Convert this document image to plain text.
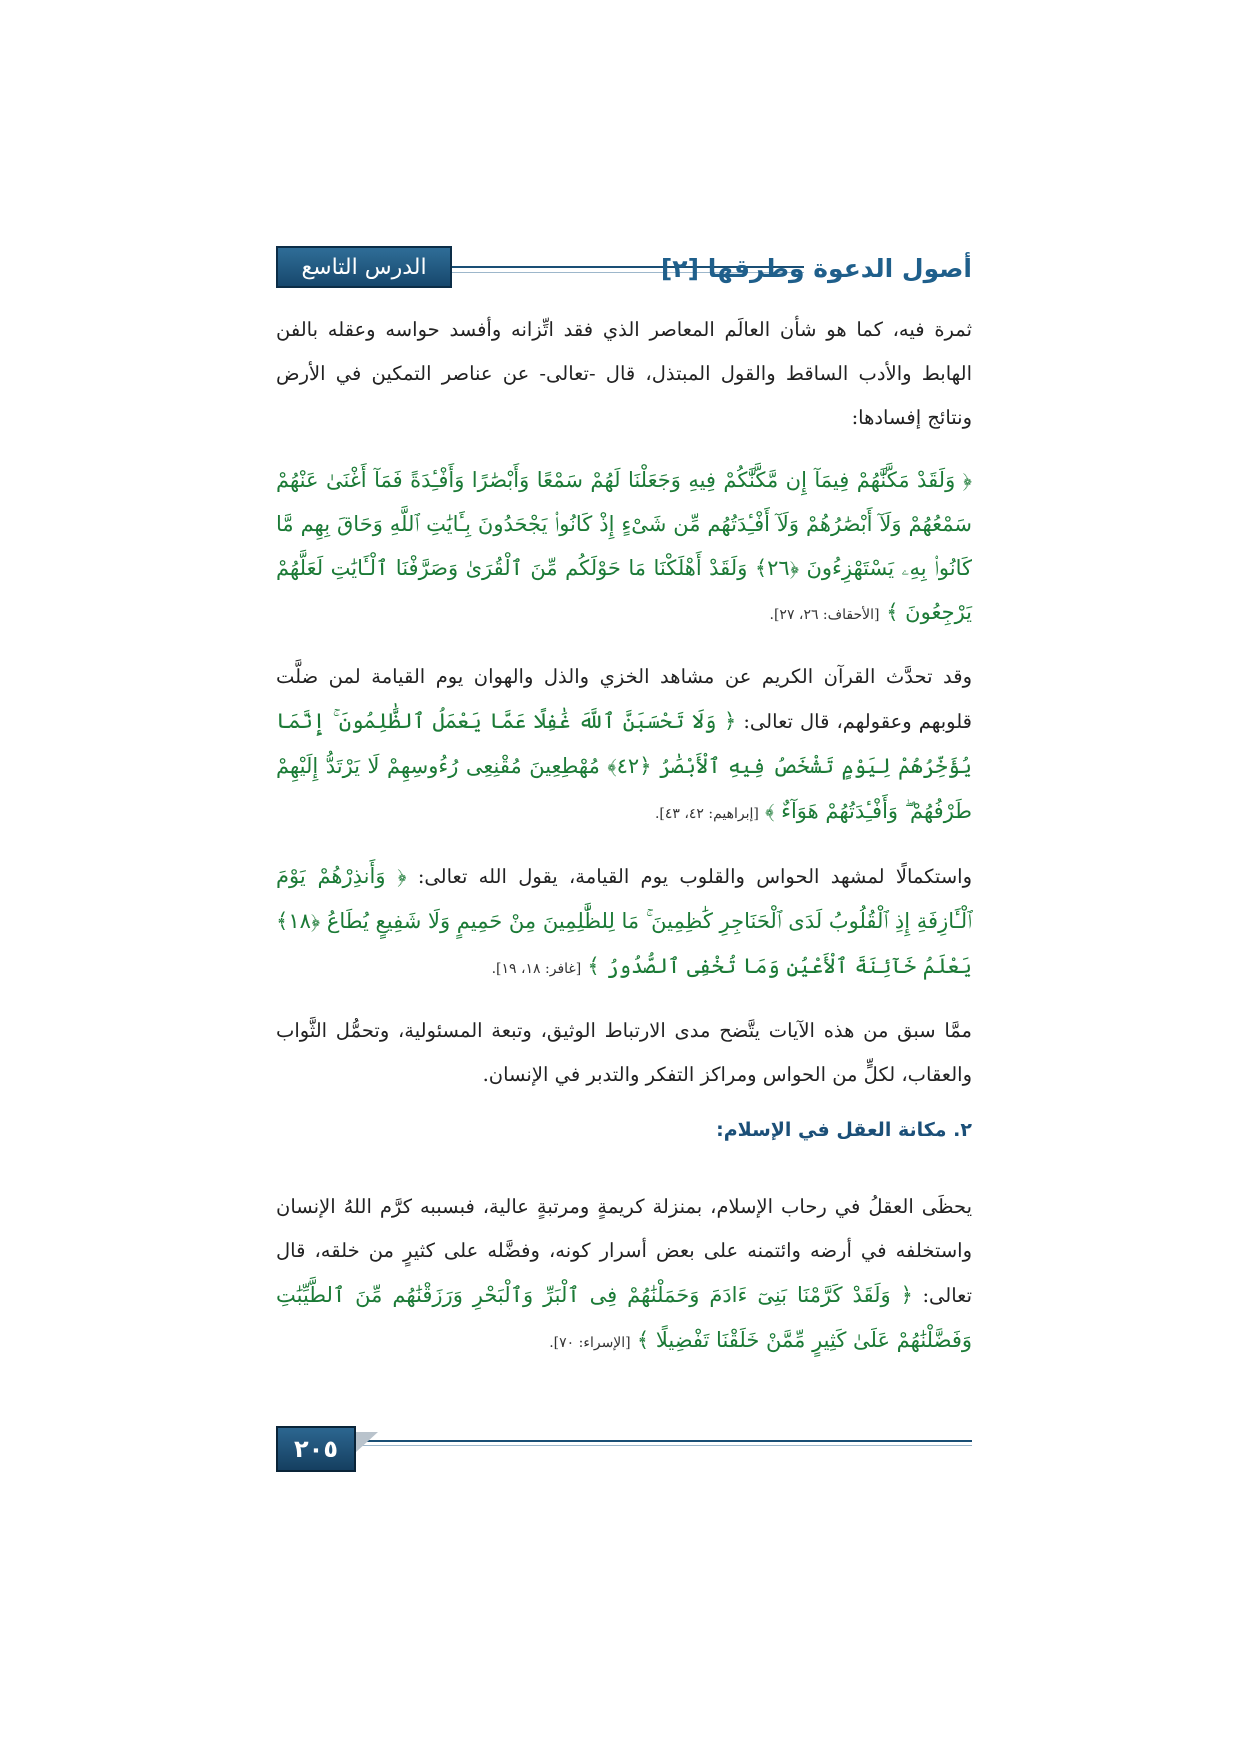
الدرس التاسع	أصول الدعوة وطرقها [٢]

ثمرة فيه، كما هو شأن العالَم المعاصر الذي فقد اتِّزانه وأفسد حواسه وعقله بالفن الهابط والأدب الساقط والقول المبتذل، قال -تعالى- عن عناصر التمكين في الأرض ونتائج إفسادها:

﴿ وَلَقَدْ مَكَّنَّٰهُمْ فِيمَآ إِن مَّكَّنَّٰكُمْ فِيهِ وَجَعَلْنَا لَهُمْ سَمْعًا وَأَبْصَٰرًا وَأَفْـِٔدَةً فَمَآ أَغْنَىٰ عَنْهُمْ سَمْعُهُمْ وَلَآ أَبْصَٰرُهُمْ وَلَآ أَفْـِٔدَتُهُم مِّن شَىْءٍ إِذْ كَانُوا۟ يَجْحَدُونَ بِـَٔايَٰتِ ٱللَّهِ وَحَاقَ بِهِم مَّا كَانُوا۟ بِهِۦ يَسْتَهْزِءُونَ ﴿٢٦﴾ وَلَقَدْ أَهْلَكْنَا مَا حَوْلَكُم مِّنَ ٱلْقُرَىٰ وَصَرَّفْنَا ٱلْـَٔايَٰتِ لَعَلَّهُمْ يَرْجِعُونَ ﴾ [الأحقاف: ٢٦، ٢٧].

وقد تحدَّث القرآن الكريم عن مشاهد الخزي والذل والهوان يوم القيامة لمن ضلَّت قلوبهم وعقولهم، قال تعالى: ﴿ وَلَا تَحْسَبَنَّ ٱللَّهَ غَٰفِلًا عَمَّا يَعْمَلُ ٱلظَّٰلِمُونَ ۚ إِنَّمَا يُؤَخِّرُهُمْ لِيَوْمٍ تَشْخَصُ فِيهِ ٱلْأَبْصَٰرُ ﴿٤٢﴾ مُهْطِعِينَ مُقْنِعِى رُءُوسِهِمْ لَا يَرْتَدُّ إِلَيْهِمْ طَرْفُهُمْ ۖ وَأَفْـِٔدَتُهُمْ هَوَآءٌ ﴾ [إبراهيم: ٤٢، ٤٣].

واستكمالًا لمشهد الحواس والقلوب يوم القيامة، يقول الله تعالى: ﴿ وَأَنذِرْهُمْ يَوْمَ ٱلْـَٔازِفَةِ إِذِ ٱلْقُلُوبُ لَدَى ٱلْحَنَاجِرِ كَٰظِمِينَ ۚ مَا لِلظَّٰلِمِينَ مِنْ حَمِيمٍ وَلَا شَفِيعٍ يُطَاعُ ﴿١٨﴾ يَعْلَمُ خَآئِنَةَ ٱلْأَعْيُنِ وَمَا تُخْفِى ٱلصُّدُورُ ﴾ [غافر: ١٨، ١٩].

ممَّا سبق من هذه الآيات يتَّضح مدى الارتباط الوثيق، وتبعة المسئولية، وتحمُّل الثَّواب والعقاب، لكلٍّ من الحواس ومراكز التفكر والتدبر في الإنسان.

٢. مكانة العقل في الإسلام:

يحظَى العقلُ في رحاب الإسلام، بمنزلة كريمةٍ ومرتبةٍ عالية، فبسببه كرَّم اللهُ الإنسان واستخلفه في أرضه وائتمنه على بعض أسرار كونه، وفضَّله على كثيرٍ من خلقه، قال تعالى: ﴿ وَلَقَدْ كَرَّمْنَا بَنِىٓ ءَادَمَ وَحَمَلْنَٰهُمْ فِى ٱلْبَرِّ وَٱلْبَحْرِ وَرَزَقْنَٰهُم مِّنَ ٱلطَّيِّبَٰتِ وَفَضَّلْنَٰهُمْ عَلَىٰ كَثِيرٍ مِّمَّنْ خَلَقْنَا تَفْضِيلًا ﴾ [الإسراء: ٧٠].

٢٠٥
